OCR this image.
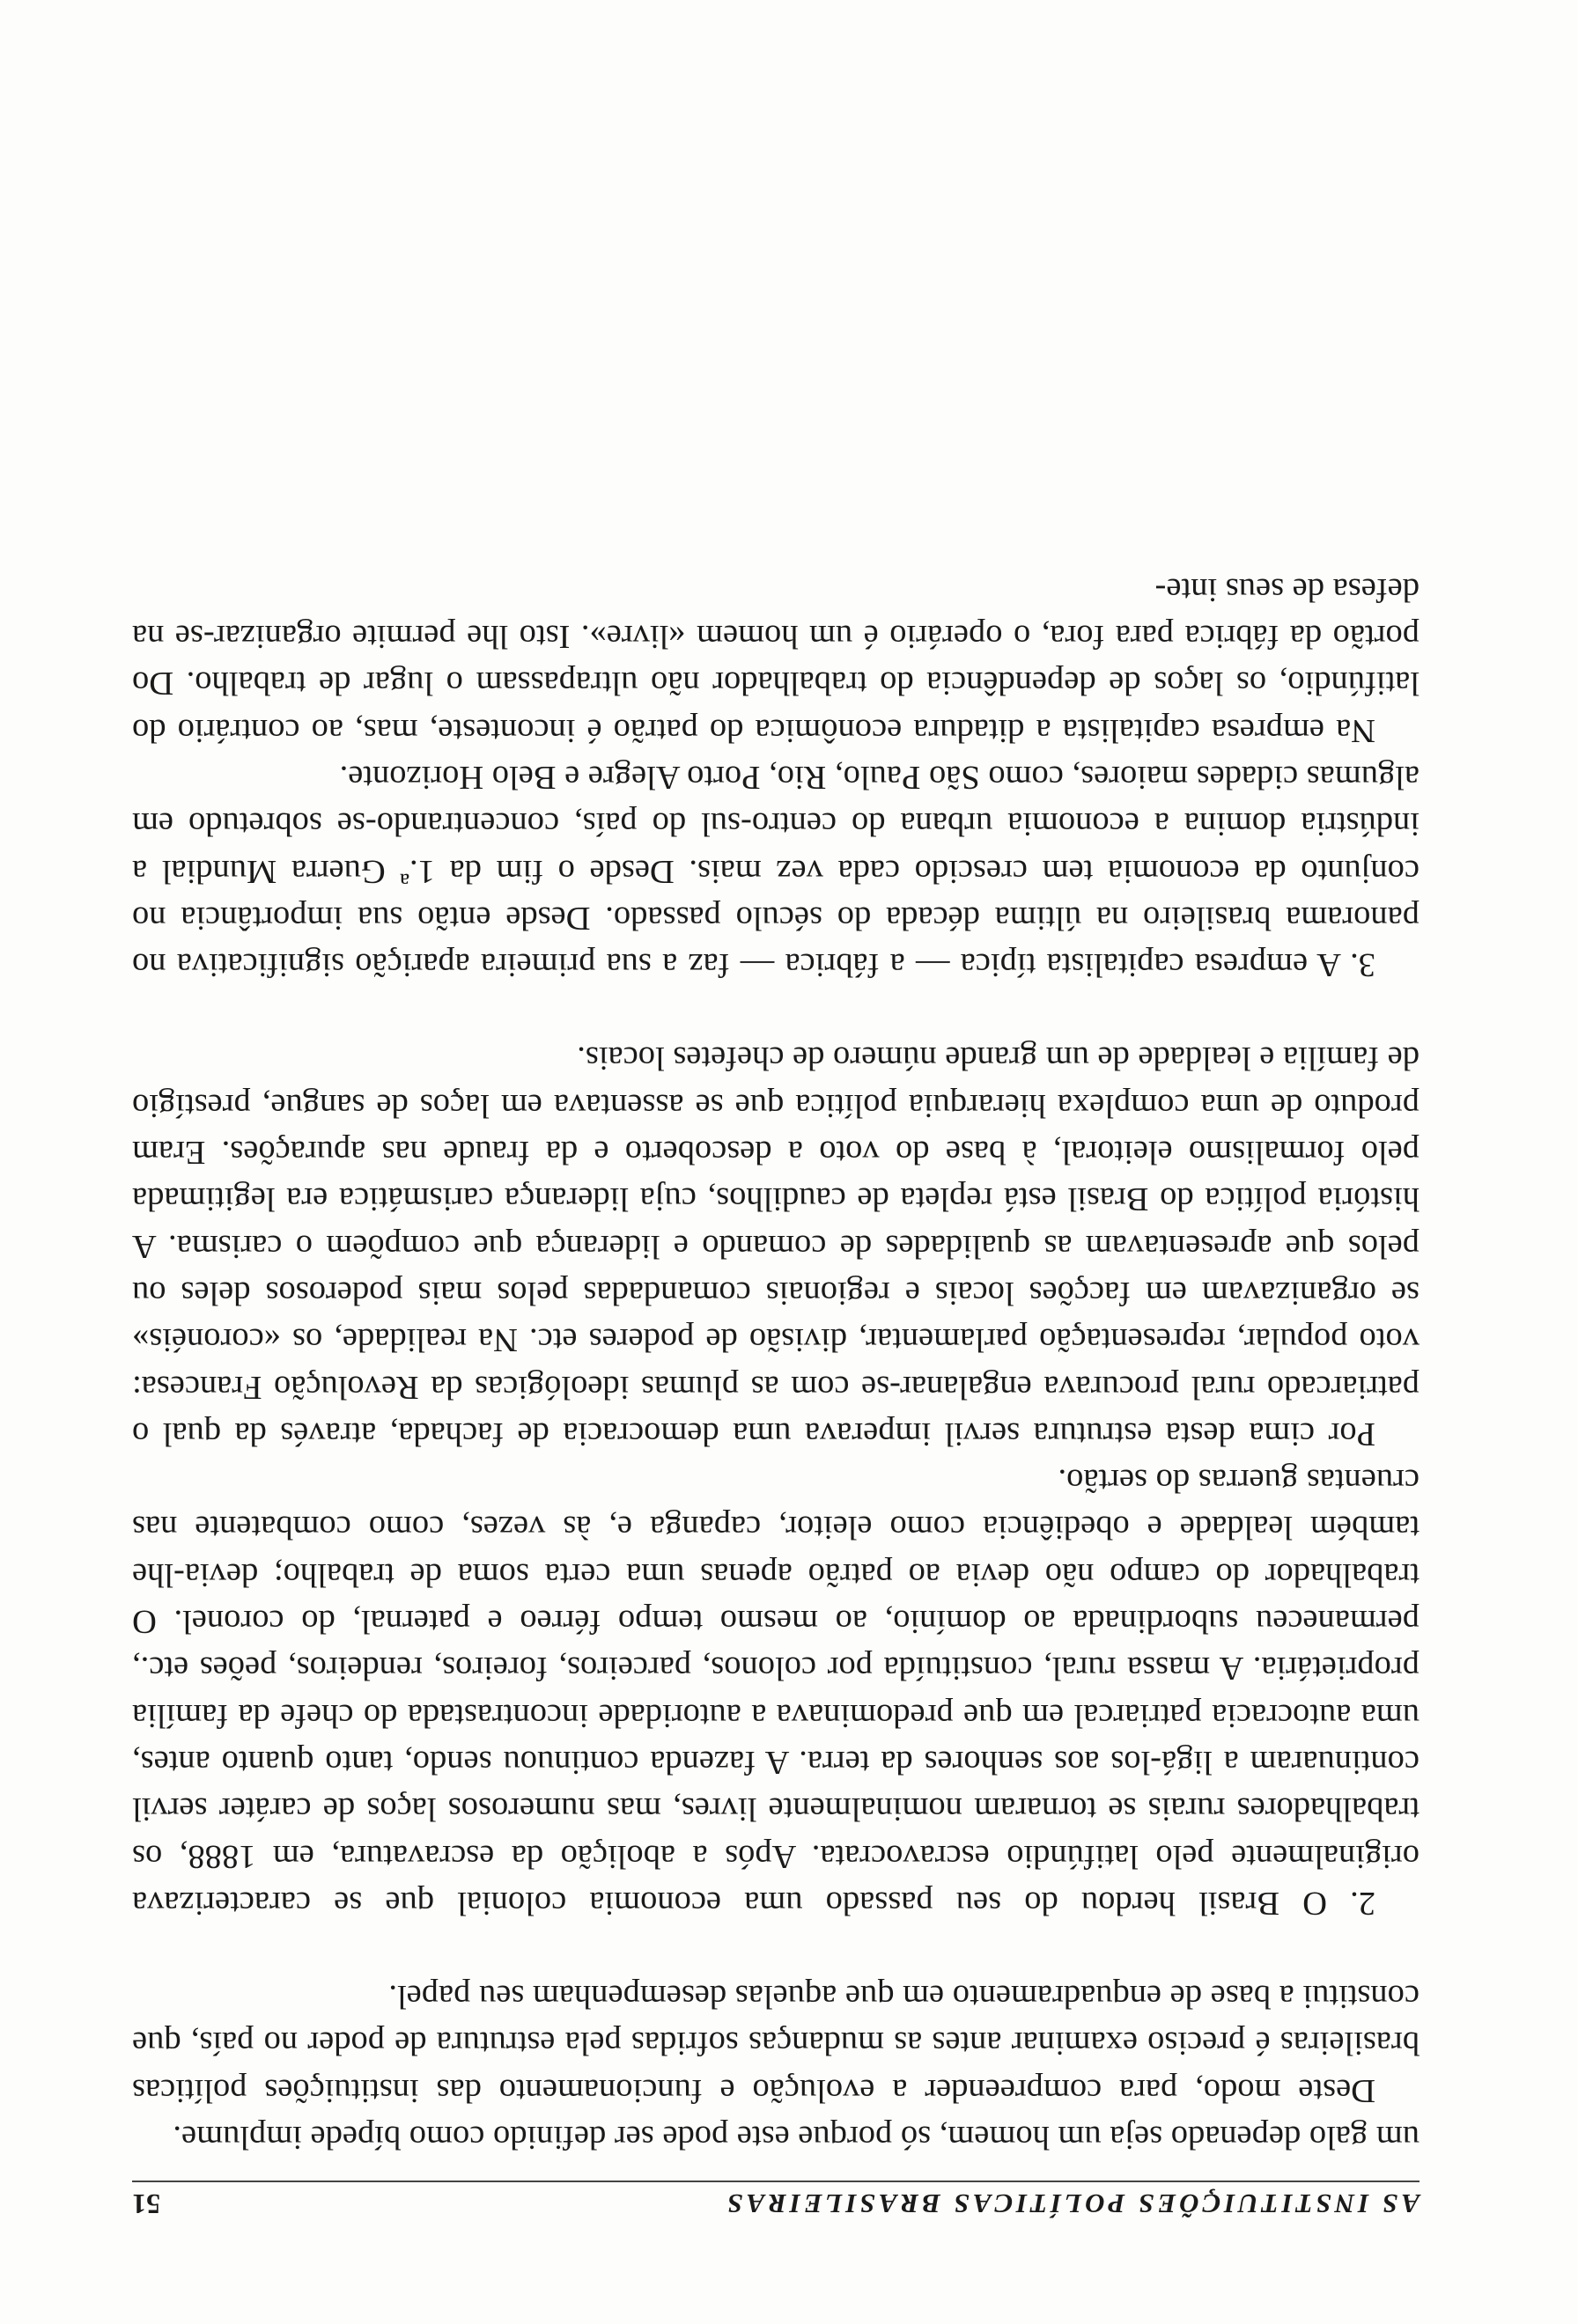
AS INSTITUIÇÕES POLÍTICAS BRASILEIRAS
51

um galo depenado seja um homem, só porque este pode ser definido como bípede implume.

Deste modo, para compreender a evolução e funcionamento das instituições políticas brasileiras é preciso examinar antes as mudanças sofridas pela estrutura de poder no país, que constitui a base de enquadramento em que aquelas desempenham seu papel.

2. O Brasil herdou do seu passado uma economia colonial que se caracterizava originalmente pelo latifúndio escravocrata. Após a abolição da escravatura, em 1888, os trabalhadores rurais se tornaram nominalmente livres, mas numerosos laços de caráter servil continuaram a ligá-los aos senhores da terra. A fazenda continuou sendo, tanto quanto antes, uma autocracia patriarcal em que predominava a autoridade incontrastada do chefe da família proprietária. A massa rural, constituída por colonos, parceiros, foreiros, rendeiros, peões etc., permaneceu subordinada ao domínio, ao mesmo tempo férreo e paternal, do coronel. O trabalhador do campo não devia ao patrão apenas uma certa soma de trabalho; devia-lhe também lealdade e obediência como eleitor, capanga e, às vezes, como combatente nas cruentas guerras do sertão.

Por cima desta estrutura servil imperava uma democracia de fachada, através da qual o patriarcado rural procurava engalanar-se com as plumas ideológicas da Revolução Francesa: voto popular, representação parlamentar, divisão de poderes etc. Na realidade, os «coronéis» se organizavam em facções locais e regionais comandadas pelos mais poderosos deles ou pelos que apresentavam as qualidades de comando e liderança que compõem o carisma. A história política do Brasil está repleta de caudilhos, cuja liderança carismática era legitimada pelo formalismo eleitoral, à base do voto a descoberto e da fraude nas apurações. Eram produto de uma complexa hierarquia política que se assentava em laços de sangue, prestígio de família e lealdade de um grande número de chefetes locais.

3. A empresa capitalista típica — a fábrica — faz a sua primeira aparição significativa no panorama brasileiro na última década do século passado. Desde então sua importância no conjunto da economia tem crescido cada vez mais. Desde o fim da 1.ª Guerra Mundial a indústria domina a economia urbana do centro-sul do país, concentrando-se sobretudo em algumas cidades maiores, como São Paulo, Rio, Porto Alegre e Belo Horizonte.

Na empresa capitalista a ditadura econômica do patrão é inconteste, mas, ao contrário do latifúndio, os laços de dependência do trabalhador não ultrapassam o lugar de trabalho. Do portão da fábrica para fora, o operário é um homem «livre». Isto lhe permite organizar-se na defesa de seus inte-
